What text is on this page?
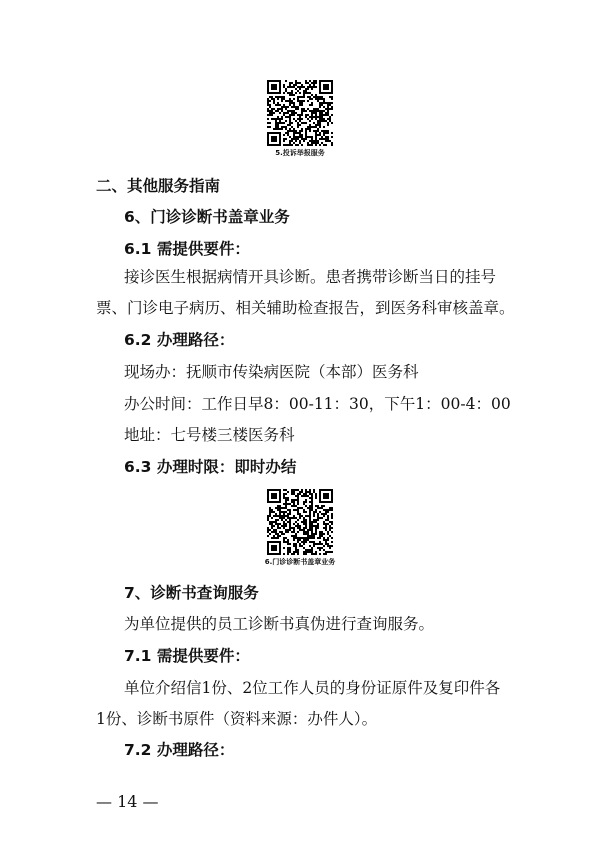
5.投诉举报服务
二、其他服务指南
6、门诊诊断书盖章业务
6.1 需提供要件：
接诊医生根据病情开具诊断。患者携带诊断当日的挂号
票、门诊电子病历、相关辅助检查报告，到医务科审核盖章。
6.2 办理路径：
现场办：抚顺市传染病医院（本部）医务科
办公时间：工作日早8：00-11：30，下午1：00-4：00
地址：七号楼三楼医务科
6.3 办理时限：即时办结
6.门诊诊断书盖章业务
7、诊断书查询服务
为单位提供的员工诊断书真伪进行查询服务。
7.1 需提供要件：
单位介绍信1份、2位工作人员的身份证原件及复印件各
1份、诊断书原件（资料来源：办件人）。
7.2 办理路径：
— 14 —
